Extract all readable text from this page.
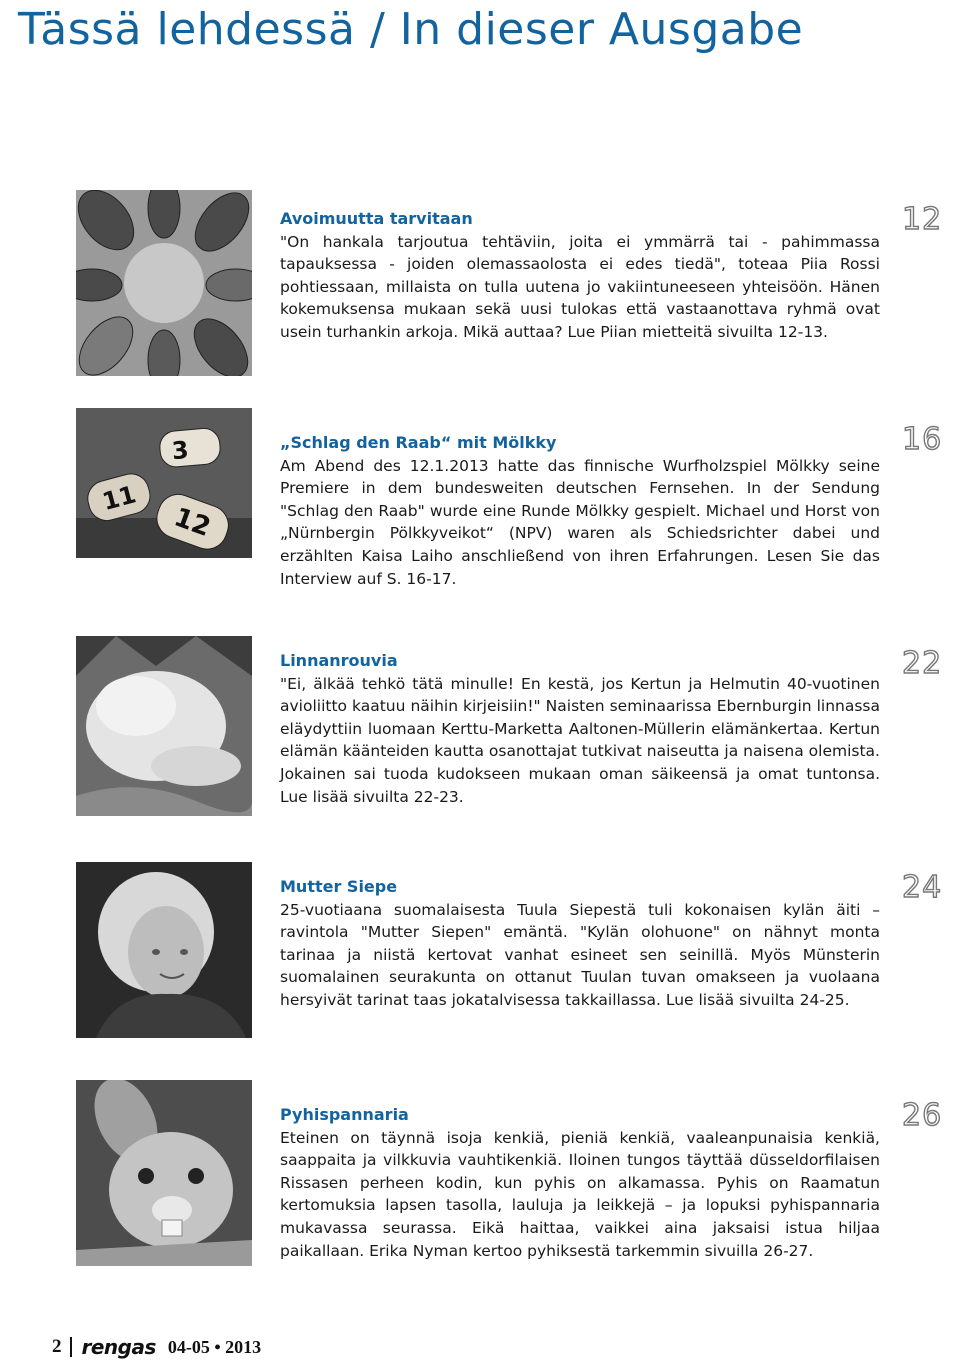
Tässä lehdessä / In dieser Ausgabe
Avoimuutta tarvitaan
"On hankala tarjoutua tehtäviin, joita ei ymmärrä tai - pahimmassa tapauksessa - joiden olemassaolosta ei edes tiedä", toteaa Piia Rossi pohtiessaan, millaista on tulla uutena jo vakiintuneeseen yhteisöön. Hänen kokemuksensa mukaan sekä uusi tulokas että vastaanottava ryhmä ovat usein turhankin arkoja. Mikä auttaa? Lue Piian mietteitä sivuilta 12-13.
12
11
12
3	„Schlag den Raab“ mit Mölkky
Am Abend des 12.1.2013 hatte das finnische Wurfholzspiel Mölkky seine Premiere in dem bundesweiten deutschen Fernsehen. In der Sendung "Schlag den Raab" wurde eine Runde Mölkky gespielt. Michael und Horst von „Nürnbergin Pölkkyveikot“ (NPV) waren als Schiedsrichter dabei und erzählten Kaisa Laiho anschließend von ihren Erfahrungen. Lesen Sie das Interview auf S. 16-17.
16
Linnanrouvia
"Ei, älkää tehkö tätä minulle! En kestä, jos Kertun ja Helmutin 40-vuotinen avioliitto kaatuu näihin kirjeisiin!" Naisten seminaarissa Ebernburgin linnassa eläydyttiin luomaan Kerttu-Marketta Aaltonen-Müllerin elämänkertaa. Kertun elämän käänteiden kautta osanottajat tutkivat naiseutta ja naisena olemista. Jokainen sai tuoda kudokseen mukaan oman säikeensä ja omat tuntonsa. Lue lisää sivuilta 22-23.
22
Mutter Siepe
25-vuotiaana suomalaisesta Tuula Siepestä tuli kokonaisen kylän äiti – ravintola "Mutter Siepen" emäntä. "Kylän olohuone" on nähnyt monta tarinaa ja niistä kertovat vanhat esineet sen seinillä. Myös Münsterin suomalainen seurakunta on ottanut Tuulan tuvan omakseen ja vuolaana hersyivät tarinat taas jokatalvisessa takkaillassa. Lue lisää sivuilta 24-25.
24
Pyhispannaria
Eteinen on täynnä isoja kenkiä, pieniä kenkiä, vaaleanpunaisia kenkiä, saappaita ja vilkkuvia vauhtikenkiä. Iloinen tungos täyttää düsseldorfilaisen Rissasen perheen kodin, kun pyhis on alkamassa. Pyhis on Raamatun kertomuksia lapsen tasolla, lauluja ja leikkejä – ja lopuksi pyhispannaria mukavassa seurassa. Eikä haittaa, vaikkei aina jaksaisi istua hiljaa paikallaan. Erika Nyman kertoo pyhiksestä tarkemmin sivuilla 26-27.
26
2 rengas 04-05 • 2013
